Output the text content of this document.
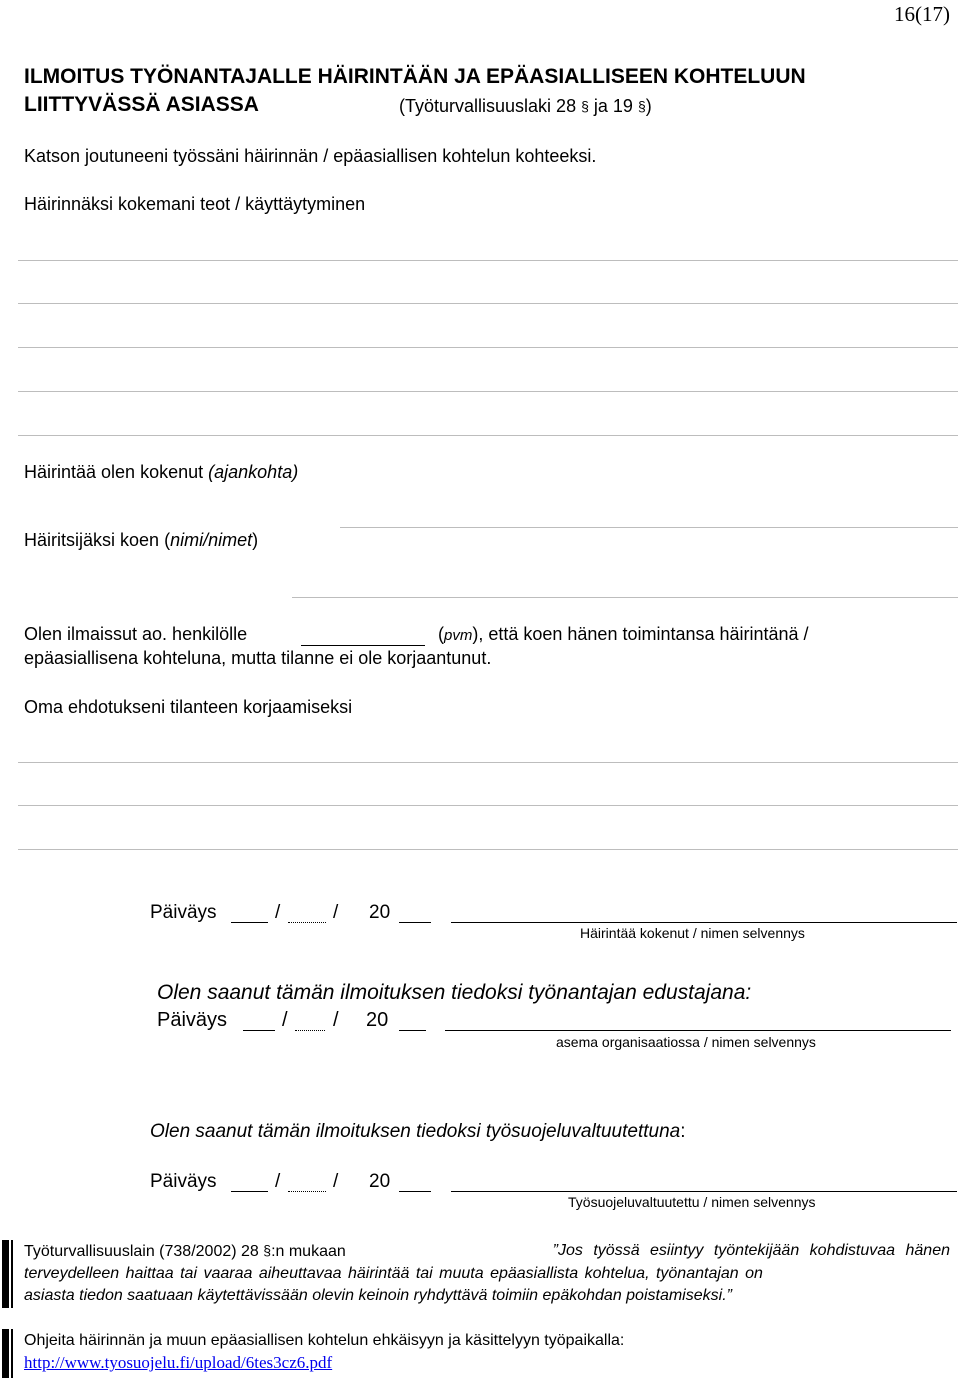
16(17)
ILMOITUS TYÖNANTAJALLE HÄIRINTÄÄN JA EPÄASIALLISEEN KOHTELUUN
LIITTYVÄSSÄ ASIASSA	(Työturvallisuuslaki 28 § ja 19 §)
Katson joutuneeni työssäni häirinnän / epäasiallisen kohtelun kohteeksi.
Häirinnäksi kokemani teot / käyttäytyminen
Häirintää olen kokenut (ajankohta)
Häiritsijäksi koen (nimi/nimet)
Olen ilmaissut ao. henkilölle	(pvm), että koen hänen toimintansa häirintänä /
epäasiallisena kohteluna, mutta tilanne ei ole korjaantunut.
Oma ehdotukseni tilanteen korjaamiseksi
Päiväys	/	/ 20
Häirintää kokenut / nimen selvennys
Olen saanut tämän ilmoituksen tiedoksi työnantajan edustajana:
Päiväys	/ / 20
asema organisaatiossa / nimen selvennys
Olen saanut tämän ilmoituksen tiedoksi työsuojeluvaltuutettuna:
Päiväys	/	/ 20
Työsuojeluvaltuutettu / nimen selvennys
Työturvallisuuslain (738/2002) 28 §:n mukaan	”Jos työssä esiintyy työntekijään kohdistuvaa hänen
terveydelleen haittaa tai vaaraa aiheuttavaa häirintää tai muuta epäasiallista kohtelua, työnantajan on
asiasta tiedon saatuaan käytettävissään olevin keinoin ryhdyttävä toimiin epäkohdan poistamiseksi.”
Ohjeita häirinnän ja muun epäasiallisen kohtelun ehkäisyyn ja käsittelyyn työpaikalla:
http://www.tyosuojelu.fi/upload/6tes3cz6.pdf
